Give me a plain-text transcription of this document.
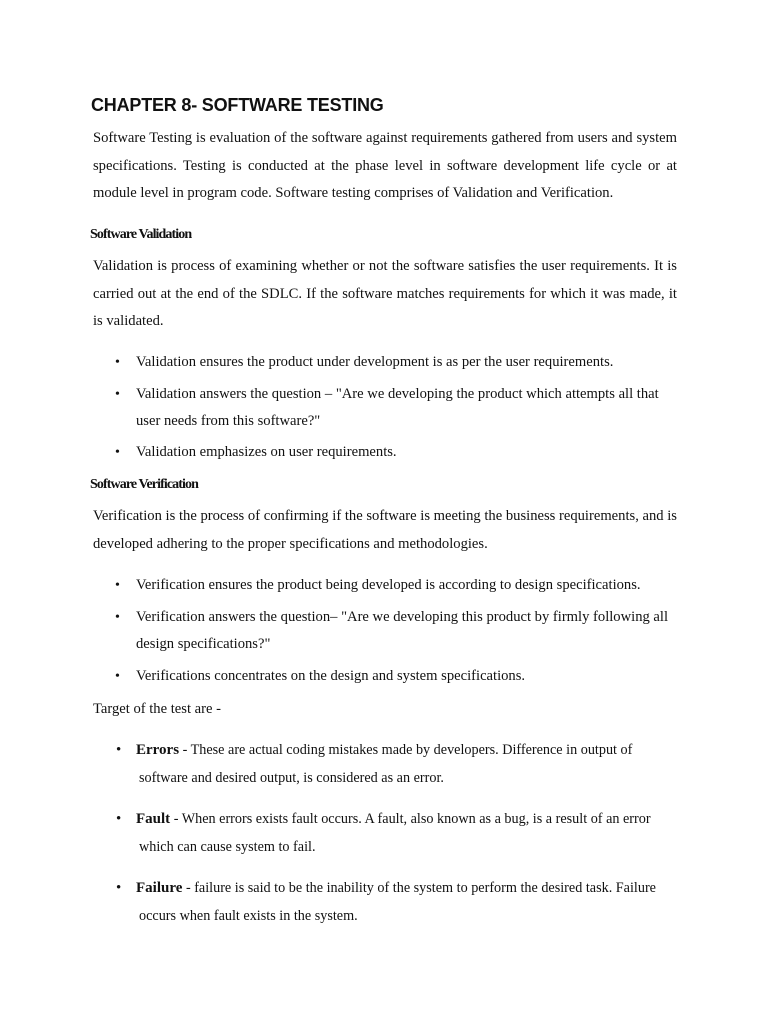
CHAPTER 8- SOFTWARE TESTING

Software Testing is evaluation of the software against requirements gathered from users and system specifications. Testing is conducted at the phase level in software development life cycle or at module level in program code. Software testing comprises of Validation and Verification.

Software Validation

Validation is process of examining whether or not the software satisfies the user requirements. It is carried out at the end of the SDLC. If the software matches requirements for which it was made, it is validated.

• Validation ensures the product under development is as per the user requirements.
• Validation answers the question – "Are we developing the product which attempts all that user needs from this software?"
• Validation emphasizes on user requirements.
Software Verification

Verification is the process of confirming if the software is meeting the business requirements, and is developed adhering to the proper specifications and methodologies.

• Verification ensures the product being developed is according to design specifications.
• Verification answers the question– "Are we developing this product by firmly following all design specifications?"
• Verifications concentrates on the design and system specifications.

Target of the test are -

• Errors - These are actual coding mistakes made by developers. Difference in output of
software and desired output, is considered as an error.
• Fault - When errors exists fault occurs. A fault, also known as a bug, is a result of an error
which can cause system to fail.
• Failure - failure is said to be the inability of the system to perform the desired task. Failure
occurs when fault exists in the system.
